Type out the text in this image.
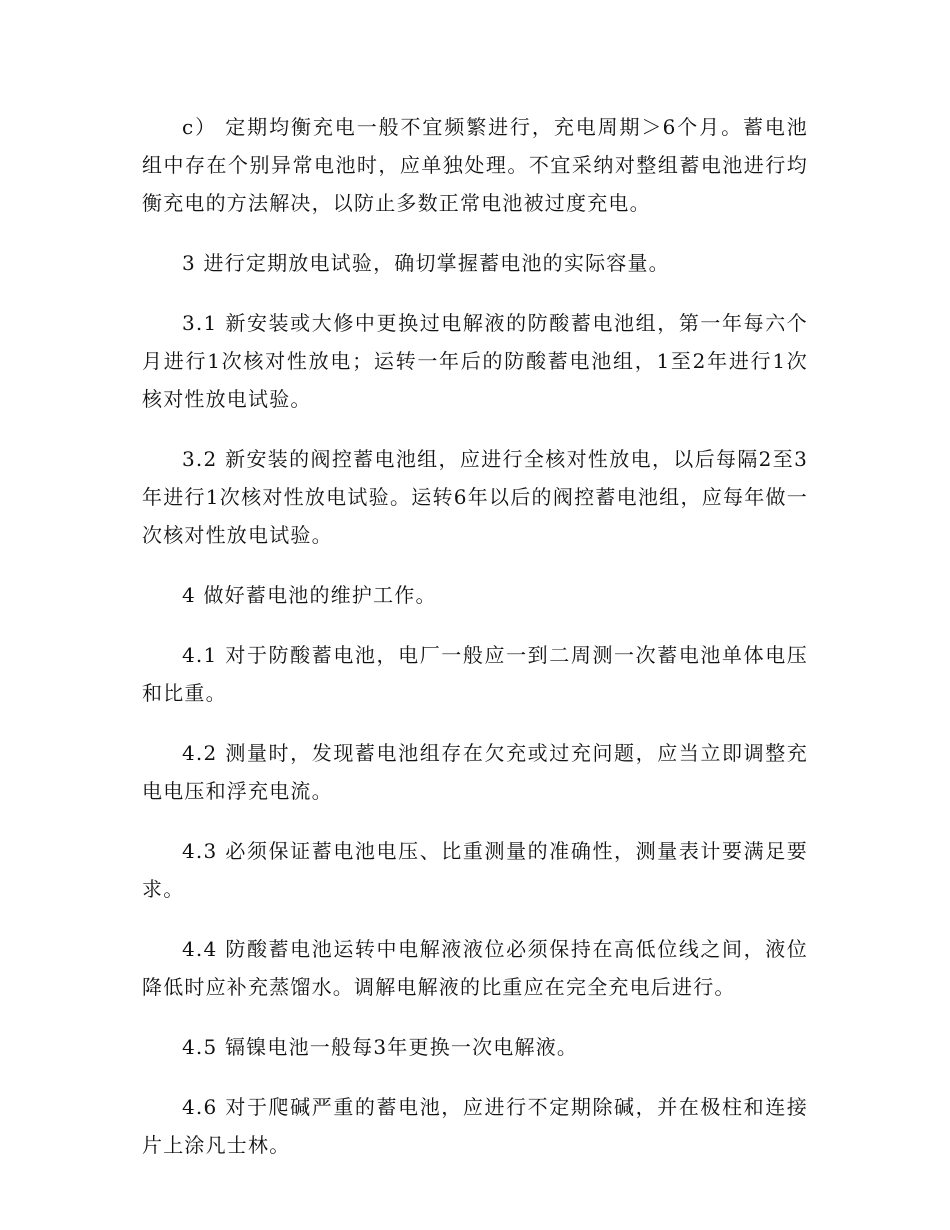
c） 定期均衡充电一般不宜频繁进行，充电周期＞6个月。蓄电池组中存在个别异常电池时，应单独处理。不宜采纳对整组蓄电池进行均衡充电的方法解决，以防止多数正常电池被过度充电。

3 进行定期放电试验，确切掌握蓄电池的实际容量。

3.1 新安装或大修中更换过电解液的防酸蓄电池组，第一年每六个月进行1次核对性放电；运转一年后的防酸蓄电池组，1至2年进行1次核对性放电试验。

3.2 新安装的阀控蓄电池组，应进行全核对性放电，以后每隔2至3年进行1次核对性放电试验。运转6年以后的阀控蓄电池组，应每年做一次核对性放电试验。

4 做好蓄电池的维护工作。

4.1 对于防酸蓄电池，电厂一般应一到二周测一次蓄电池单体电压和比重。

4.2 测量时，发现蓄电池组存在欠充或过充问题，应当立即调整充电电压和浮充电流。

4.3 必须保证蓄电池电压、比重测量的准确性，测量表计要满足要求。

4.4 防酸蓄电池运转中电解液液位必须保持在高低位线之间，液位降低时应补充蒸馏水。调解电解液的比重应在完全充电后进行。

4.5 镉镍电池一般每3年更换一次电解液。

4.6 对于爬碱严重的蓄电池，应进行不定期除碱，并在极柱和连接片上涂凡士林。
